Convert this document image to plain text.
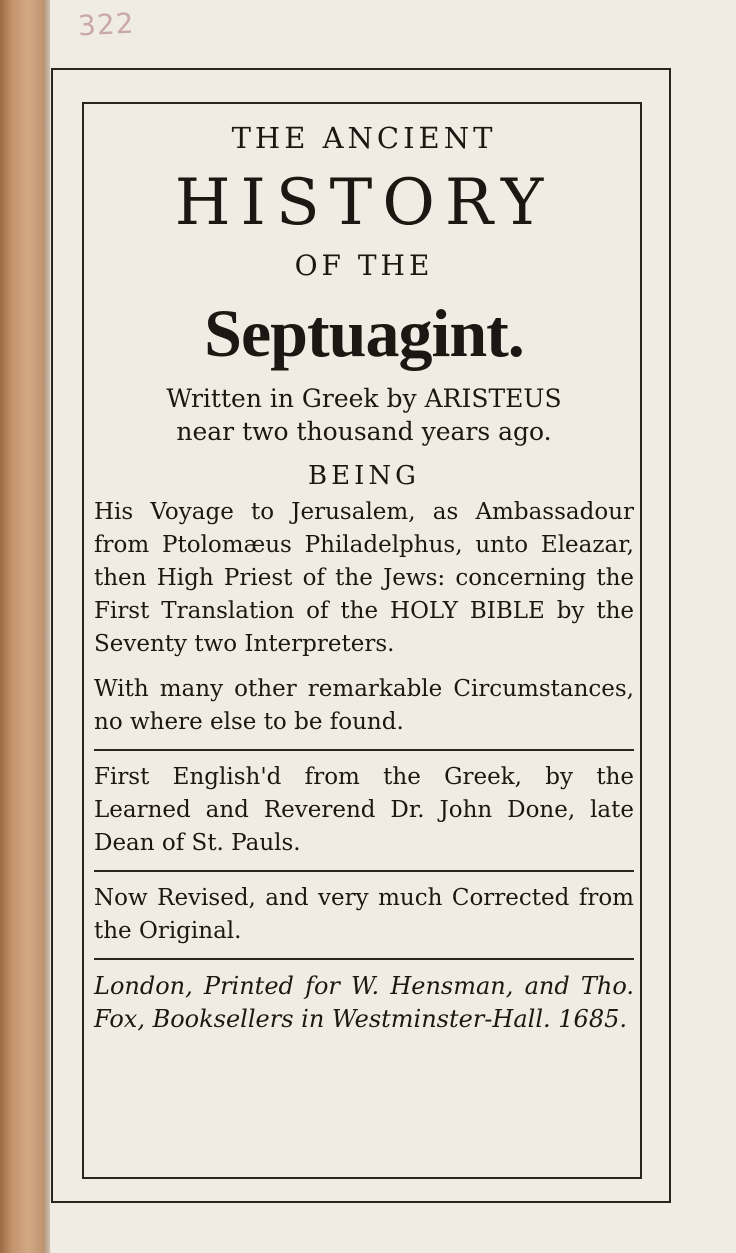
322
THE ANCIENT
HISTORY
OF THE
Septuagint.
Written in Greek by ARISTEUS
near two thousand years ago.
BEING
His Voyage to Jerusalem, as Ambassadour from Ptolomæus Philadelphus, unto Eleazar, then High Priest of the Jews: concerning the First Translation of the HOLY BIBLE by the Seventy two Interpreters.
With many other remarkable Circumstances, no where else to be found.
First English'd from the Greek, by the Learned and Reverend Dr. John Done, late Dean of St. Pauls.
Now Revised, and very much Corrected from the Original.
London, Printed for W. Hensman, and Tho. Fox, Booksellers in Westminster-Hall. 1685.
